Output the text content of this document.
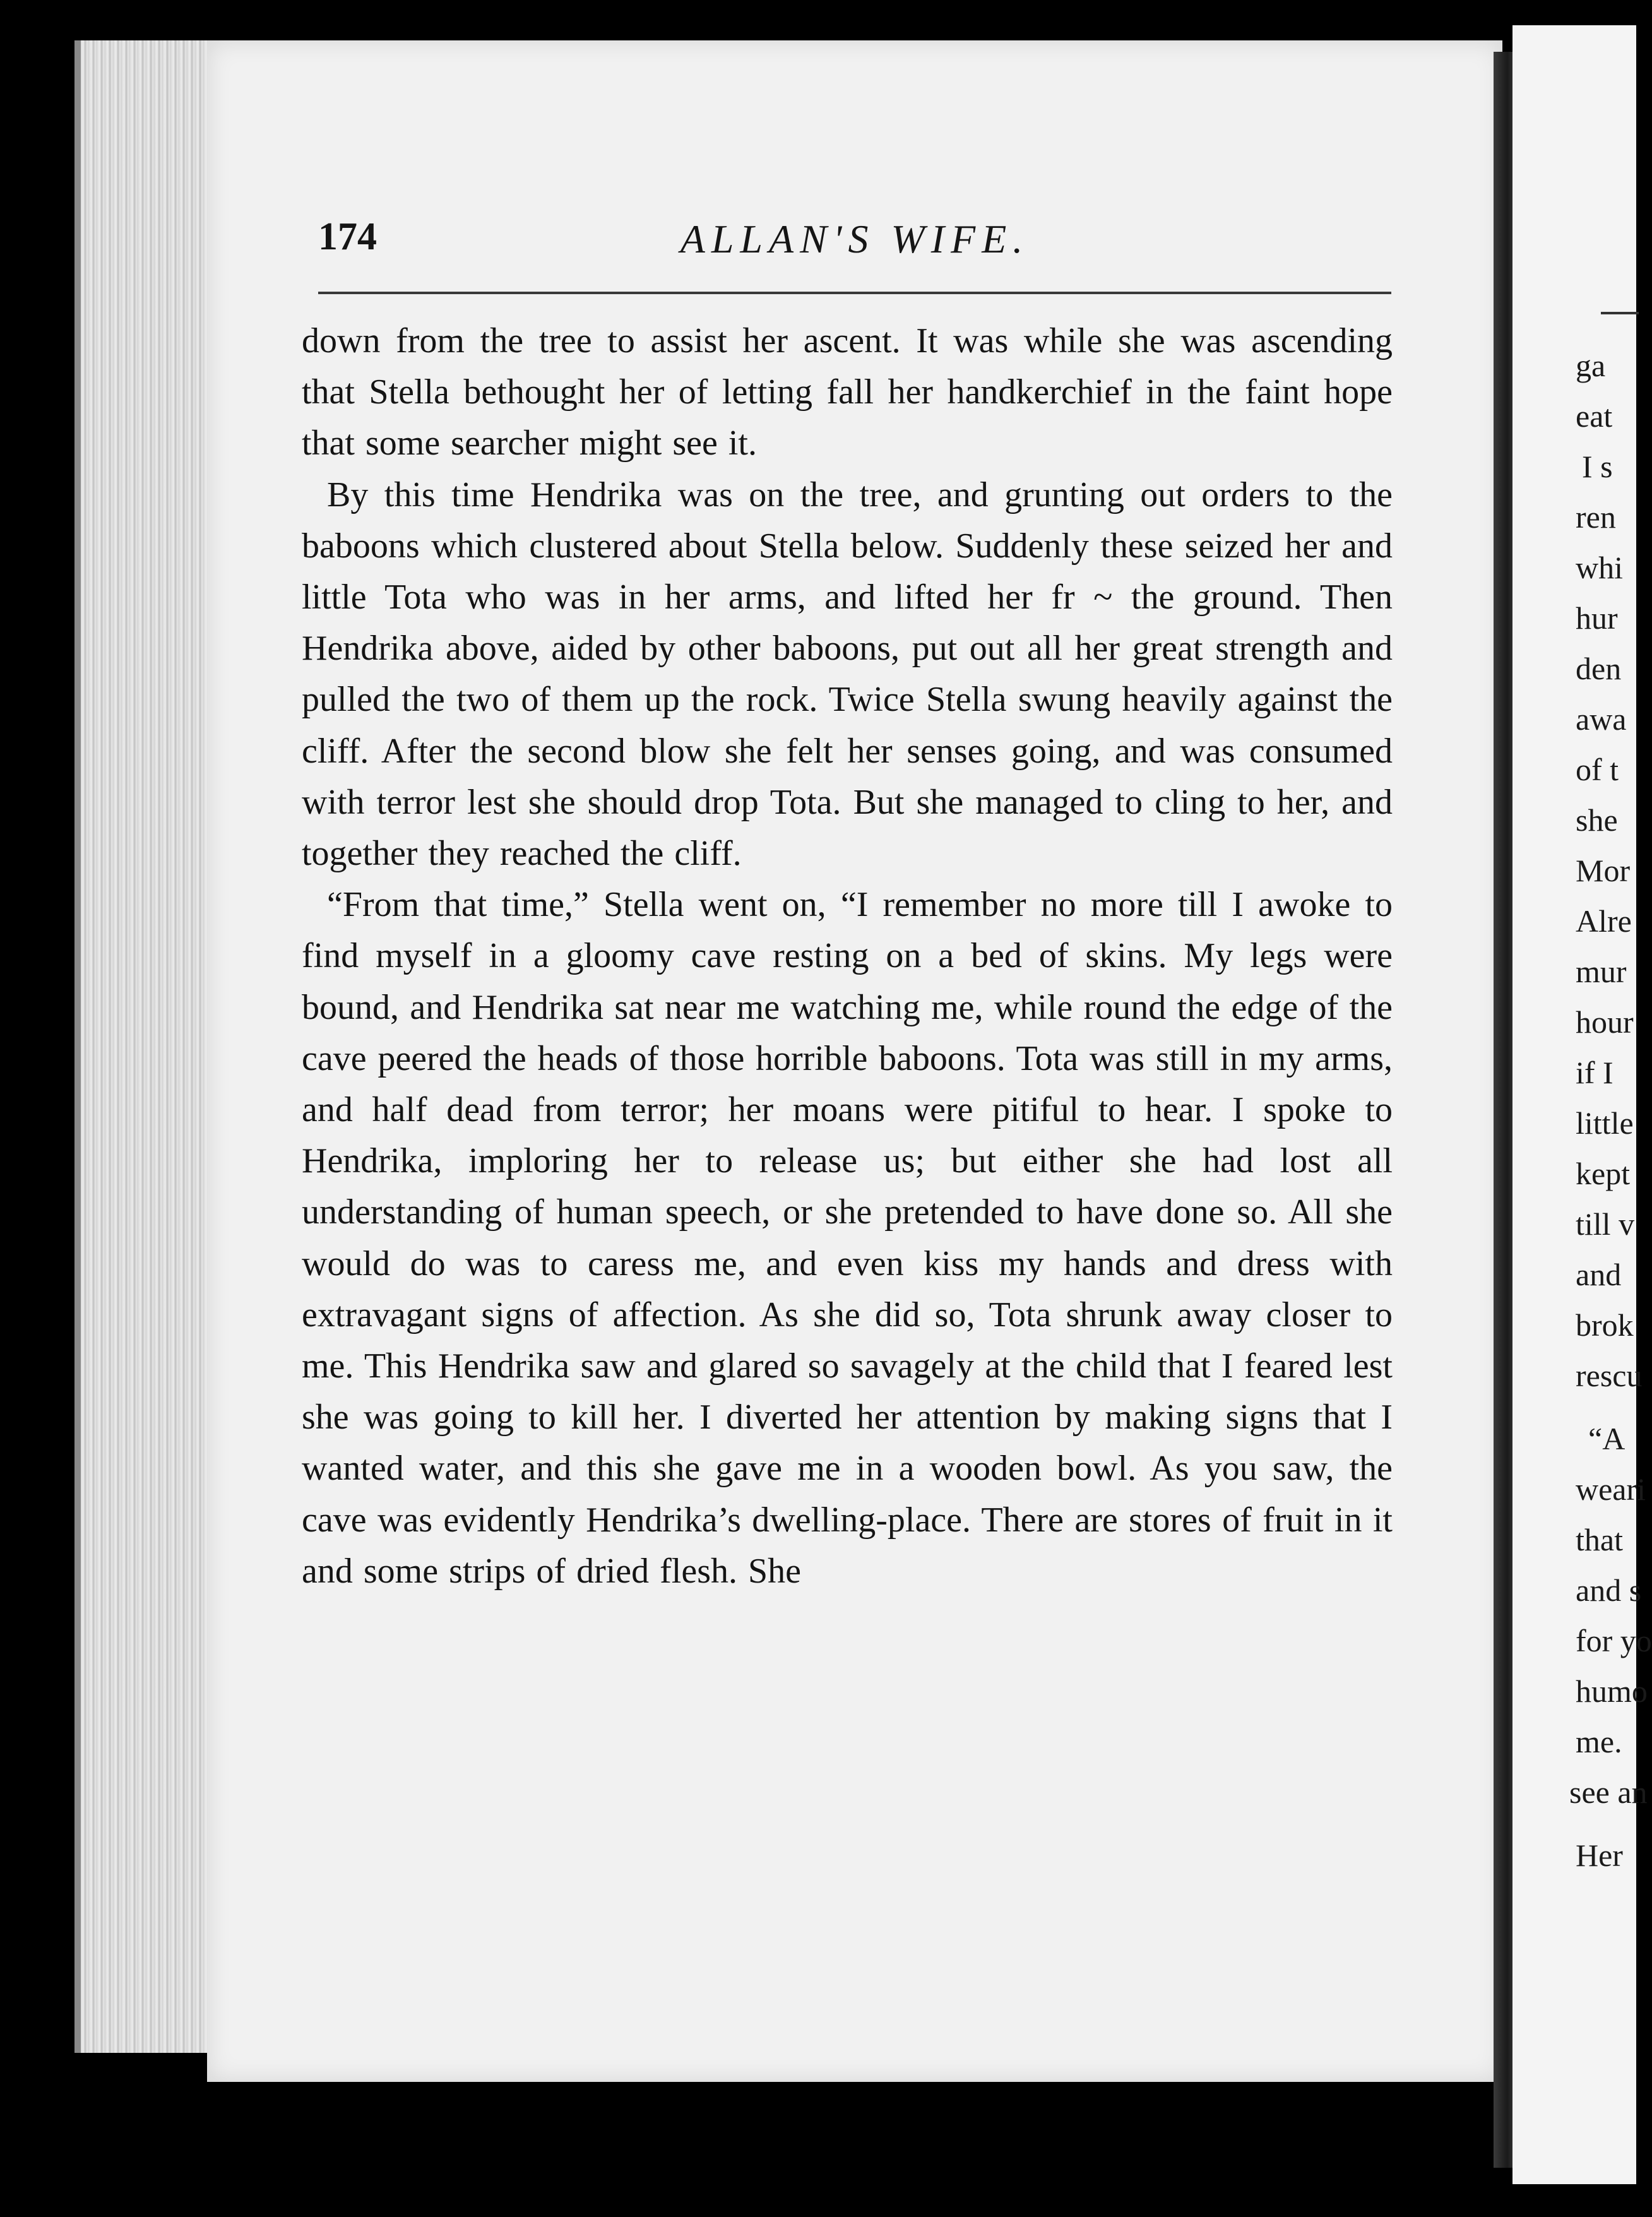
174	ALLAN'S WIFE.

down from the tree to assist her ascent. It was while she was ascending that Stella bethought her of letting fall her handkerchief in the faint hope that some searcher might see it.

By this time Hendrika was on the tree, and grunting out orders to the baboons which clustered about Stella below. Suddenly these seized her and little Tota who was in her arms, and lifted her fr ~ the ground. Then Hendrika above, aided by other baboons, put out all her great strength and pulled the two of them up the rock. Twice Stella swung heavily against the cliff. After the second blow she felt her senses going, and was consumed with terror lest she should drop Tota. But she managed to cling to her, and together they reached the cliff.

“From that time,” Stella went on, “I remember no more till I awoke to find myself in a gloomy cave resting on a bed of skins. My legs were bound, and Hendrika sat near me watching me, while round the edge of the cave peered the heads of those horrible baboons. Tota was still in my arms, and half dead from terror; her moans were pitiful to hear. I spoke to Hendrika, imploring her to release us; but either she had lost all understanding of human speech, or she pretended to have done so. All she would do was to caress me, and even kiss my hands and dress with extravagant signs of affection. As she did so, Tota shrunk away closer to me. This Hendrika saw and glared so savagely at the child that I feared lest she was going to kill her. I diverted her attention by making signs that I wanted water, and this she gave me in a wooden bowl. As you saw, the cave was evidently Hendrika’s dwelling-place. There are stores of fruit in it and some strips of dried flesh. She

ga
eat
I s
ren
whi
hur
den
awa
of t
she
Mor
Alre
mur
hour
if I
little
kept
till v
and
brok
rescu
“A
weari
that
and s
for yo
humo
me.
see an
Her
